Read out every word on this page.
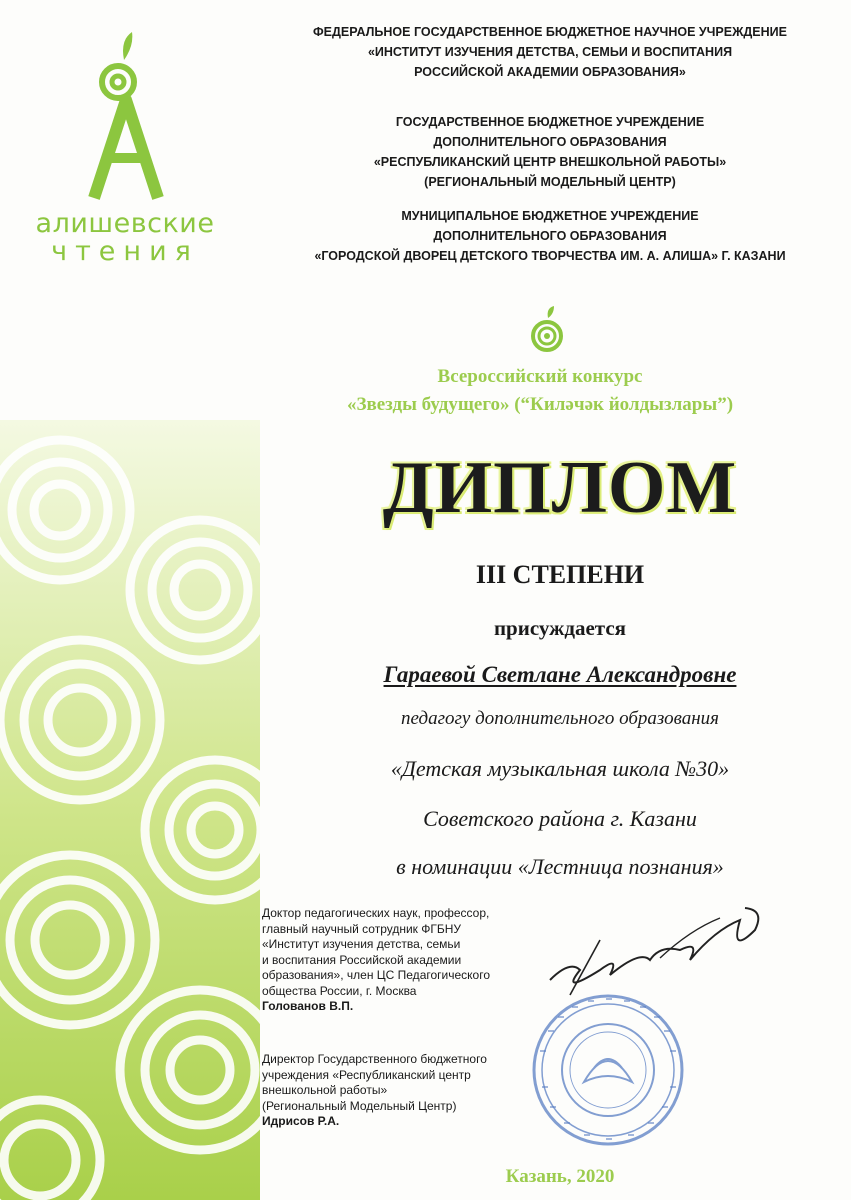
алишевские
чтения
ФЕДЕРАЛЬНОЕ ГОСУДАРСТВЕННОЕ БЮДЖЕТНОЕ НАУЧНОЕ УЧРЕЖДЕНИЕ
«ИНСТИТУТ ИЗУЧЕНИЯ ДЕТСТВА, СЕМЬИ И ВОСПИТАНИЯ
РОССИЙСКОЙ АКАДЕМИИ ОБРАЗОВАНИЯ»
ГОСУДАРСТВЕННОЕ БЮДЖЕТНОЕ УЧРЕЖДЕНИЕ
ДОПОЛНИТЕЛЬНОГО ОБРАЗОВАНИЯ
«РЕСПУБЛИКАНСКИЙ ЦЕНТР ВНЕШКОЛЬНОЙ РАБОТЫ»
(РЕГИОНАЛЬНЫЙ МОДЕЛЬНЫЙ ЦЕНТР)
МУНИЦИПАЛЬНОЕ БЮДЖЕТНОЕ УЧРЕЖДЕНИЕ
ДОПОЛНИТЕЛЬНОГО ОБРАЗОВАНИЯ
«ГОРОДСКОЙ ДВОРЕЦ ДЕТСКОГО ТВОРЧЕСТВА ИМ. А. АЛИША» Г. КАЗАНИ
Всероссийский конкурс
«Звезды будущего» (“Киләчәк йолдызлары”)
ДИПЛОМ
III СТЕПЕНИ
присуждается
Гараевой Светлане Александровне
педагогу дополнительного образования
«Детская музыкальная школа №30»
Советского района г. Казани
в номинации «Лестница познания»
Доктор педагогических наук, профессор,
главный научный сотрудник ФГБНУ
«Институт изучения детства, семьи
и воспитания Российской академии
образования», член ЦС Педагогического
общества России, г. Москва
Голованов В.П.
Директор Государственного бюджетного
учреждения «Республиканский центр
внешкольной работы»
(Региональный Модельный Центр)
Идрисов Р.А.
Казань, 2020
